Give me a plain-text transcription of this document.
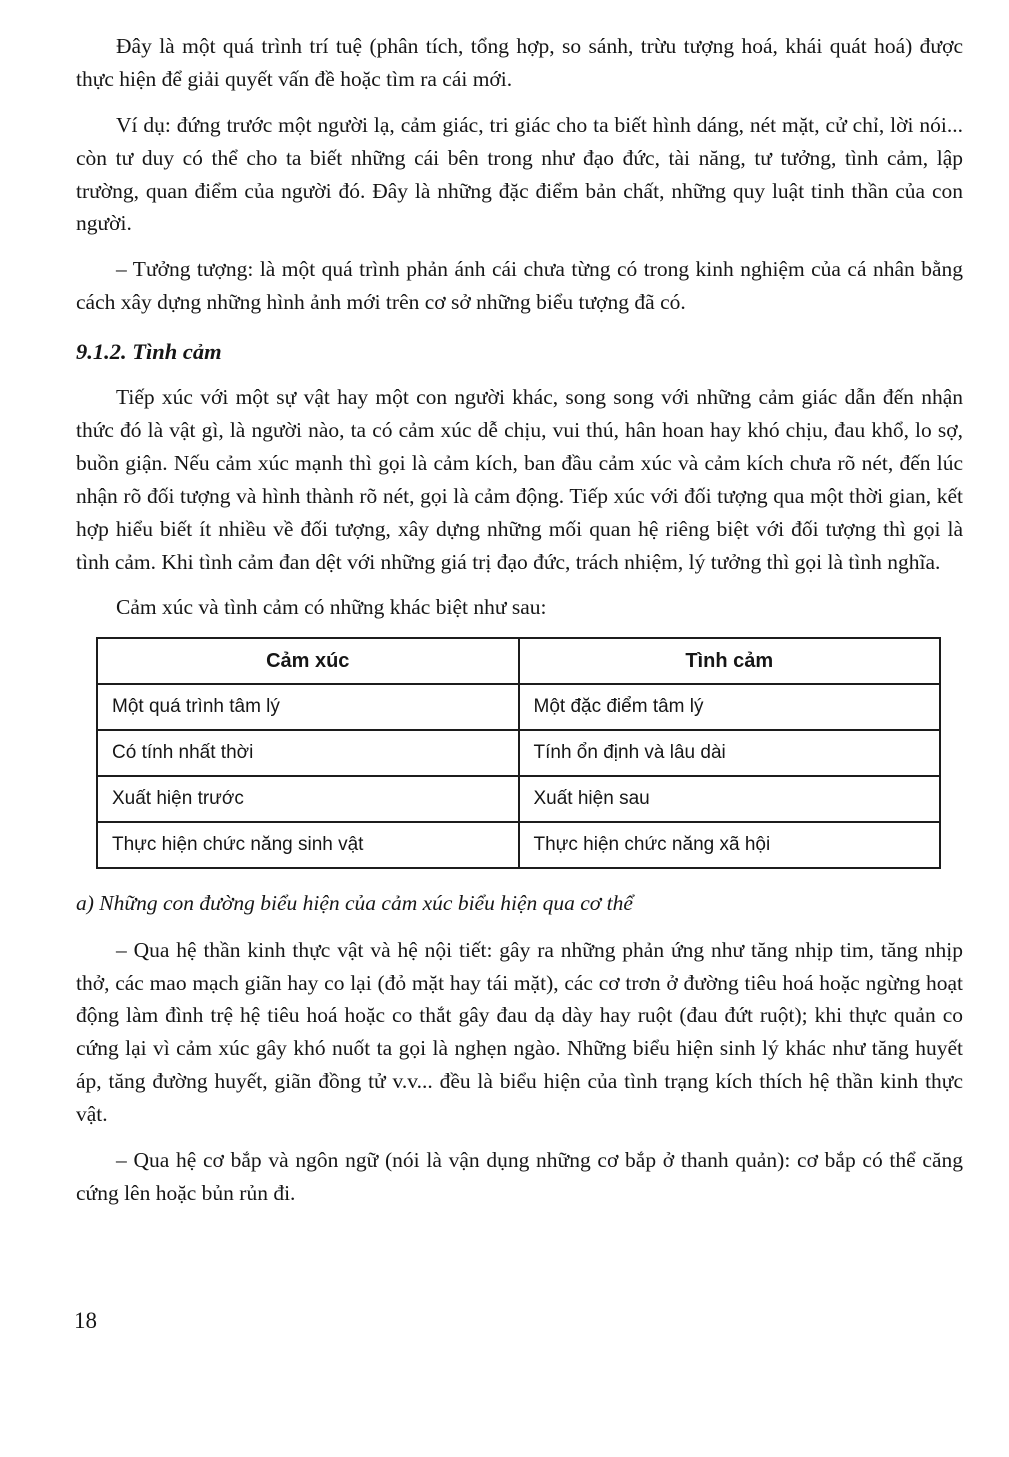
Đây là một quá trình trí tuệ (phân tích, tổng hợp, so sánh, trừu tượng hoá, khái quát hoá) được thực hiện để giải quyết vấn đề hoặc tìm ra cái mới.

Ví dụ: đứng trước một người lạ, cảm giác, tri giác cho ta biết hình dáng, nét mặt, cử chỉ, lời nói... còn tư duy có thể cho ta biết những cái bên trong như đạo đức, tài năng, tư tưởng, tình cảm, lập trường, quan điểm của người đó. Đây là những đặc điểm bản chất, những quy luật tinh thần của con người.

– Tưởng tượng: là một quá trình phản ánh cái chưa từng có trong kinh nghiệm của cá nhân bằng cách xây dựng những hình ảnh mới trên cơ sở những biểu tượng đã có.

9.1.2. Tình cảm

Tiếp xúc với một sự vật hay một con người khác, song song với những cảm giác dẫn đến nhận thức đó là vật gì, là người nào, ta có cảm xúc dễ chịu, vui thú, hân hoan hay khó chịu, đau khổ, lo sợ, buồn giận. Nếu cảm xúc mạnh thì gọi là cảm kích, ban đầu cảm xúc và cảm kích chưa rõ nét, đến lúc nhận rõ đối tượng và hình thành rõ nét, gọi là cảm động. Tiếp xúc với đối tượng qua một thời gian, kết hợp hiểu biết ít nhiều về đối tượng, xây dựng những mối quan hệ riêng biệt với đối tượng thì gọi là tình cảm. Khi tình cảm đan dệt với những giá trị đạo đức, trách nhiệm, lý tưởng thì gọi là tình nghĩa.

Cảm xúc và tình cảm có những khác biệt như sau:

Cảm xúc	Tình cảm
Một quá trình tâm lý	Một đặc điểm tâm lý
Có tính nhất thời	Tính ổn định và lâu dài
Xuất hiện trước	Xuất hiện sau
Thực hiện chức năng sinh vật	Thực hiện chức năng xã hội

a) Những con đường biểu hiện của cảm xúc biểu hiện qua cơ thể

– Qua hệ thần kinh thực vật và hệ nội tiết: gây ra những phản ứng như tăng nhịp tim, tăng nhịp thở, các mao mạch giãn hay co lại (đỏ mặt hay tái mặt), các cơ trơn ở đường tiêu hoá hoặc ngừng hoạt động làm đình trệ hệ tiêu hoá hoặc co thắt gây đau dạ dày hay ruột (đau đứt ruột); khi thực quản co cứng lại vì cảm xúc gây khó nuốt ta gọi là nghẹn ngào. Những biểu hiện sinh lý khác như tăng huyết áp, tăng đường huyết, giãn đồng tử v.v... đều là biểu hiện của tình trạng kích thích hệ thần kinh thực vật.

– Qua hệ cơ bắp và ngôn ngữ (nói là vận dụng những cơ bắp ở thanh quản): cơ bắp có thể căng cứng lên hoặc bủn rủn đi.

18
